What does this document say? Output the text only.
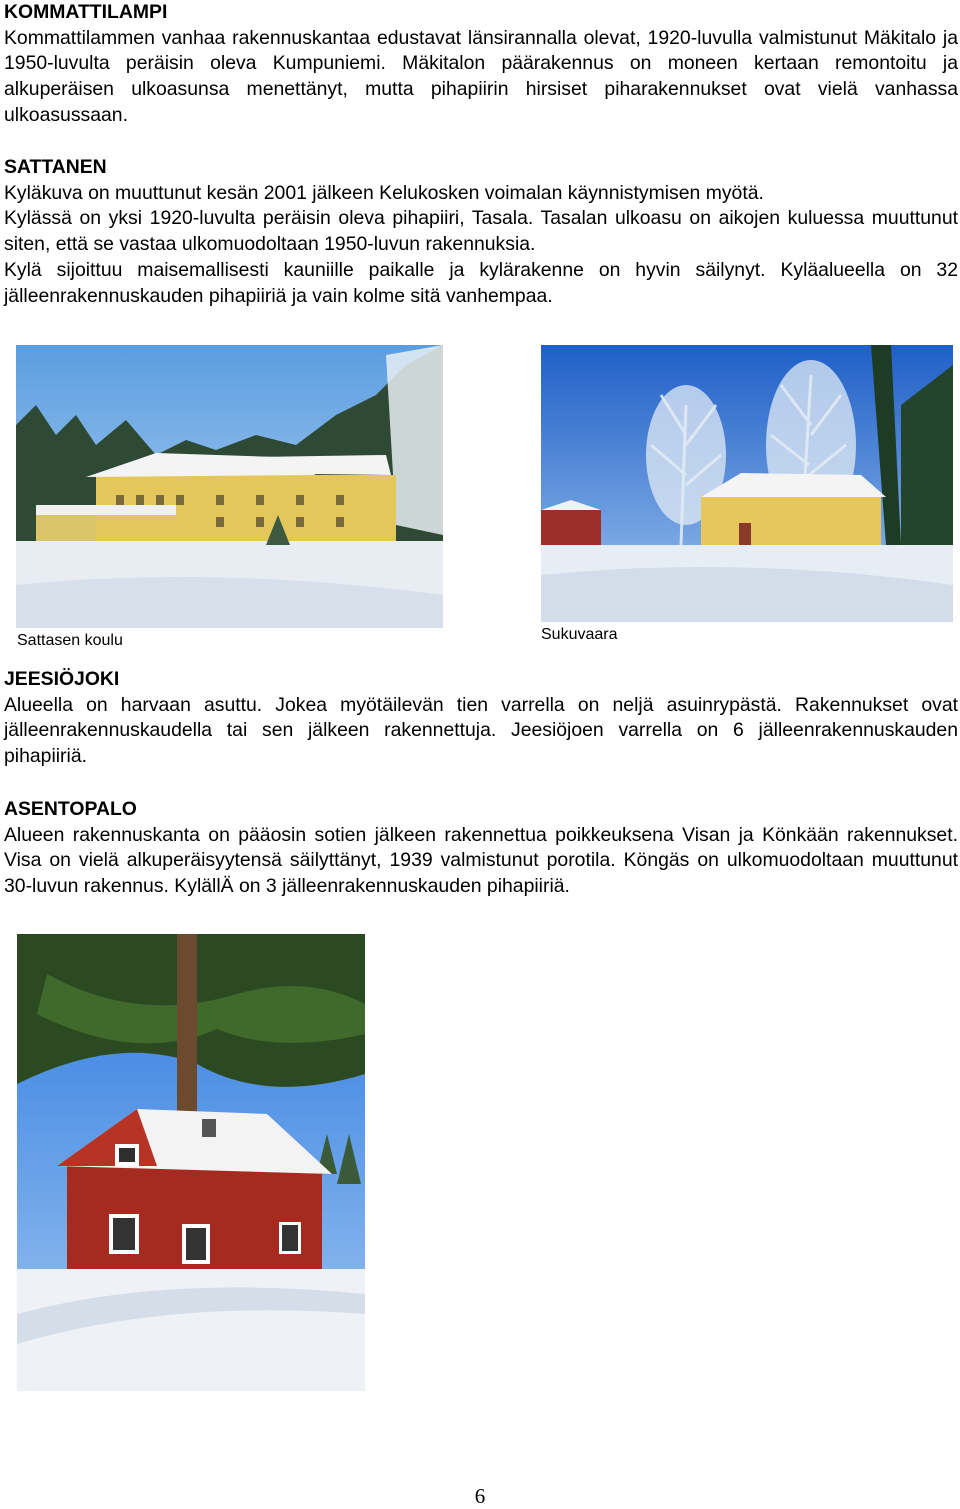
KOMMATTILAMPI

Kommattilammen vanhaa rakennuskantaa edustavat länsirannalla olevat, 1920-luvulla valmistunut Mäkitalo ja 1950-luvulta peräisin oleva Kumpuniemi. Mäkitalon päärakennus on moneen kertaan remontoitu ja alkuperäisen ulkoasunsa menettänyt, mutta pihapiirin hirsiset piharakennukset ovat vielä vanhassa ulkoasussaan.

SATTANEN

Kyläkuva on muuttunut kesän 2001 jälkeen Kelukosken voimalan käynnistymisen myötä.

Kylässä on yksi 1920-luvulta peräisin oleva pihapiiri, Tasala. Tasalan ulkoasu on aikojen kuluessa muuttunut siten, että se vastaa ulkomuodoltaan 1950-luvun rakennuksia.

Kylä sijoittuu maisemallisesti kauniille paikalle ja kylärakenne on hyvin säilynyt. Kyläalueella on 32 jälleenrakennuskauden pihapiiriä ja vain kolme sitä vanhempaa.

Sattasen koulu	Sukuvaara
JEESIÖJOKI

Alueella on harvaan asuttu. Jokea myötäilevän tien varrella on neljä asuinrypästä. Rakennukset ovat jälleenrakennuskaudella tai sen jälkeen rakennettuja. Jeesiöjoen varrella on 6 jälleenrakennuskauden pihapiiriä.

ASENTOPALO

Alueen rakennuskanta on pääosin sotien jälkeen rakennettua poikkeuksena Visan ja Könkään rakennukset. Visa on vielä alkuperäisyytensä säilyttänyt, 1939 valmistunut porotila. Köngäs on ulkomuodoltaan muuttunut 30-luvun rakennus. KylällÄ on 3 jälleenrakennuskauden pihapiiriä.

6
